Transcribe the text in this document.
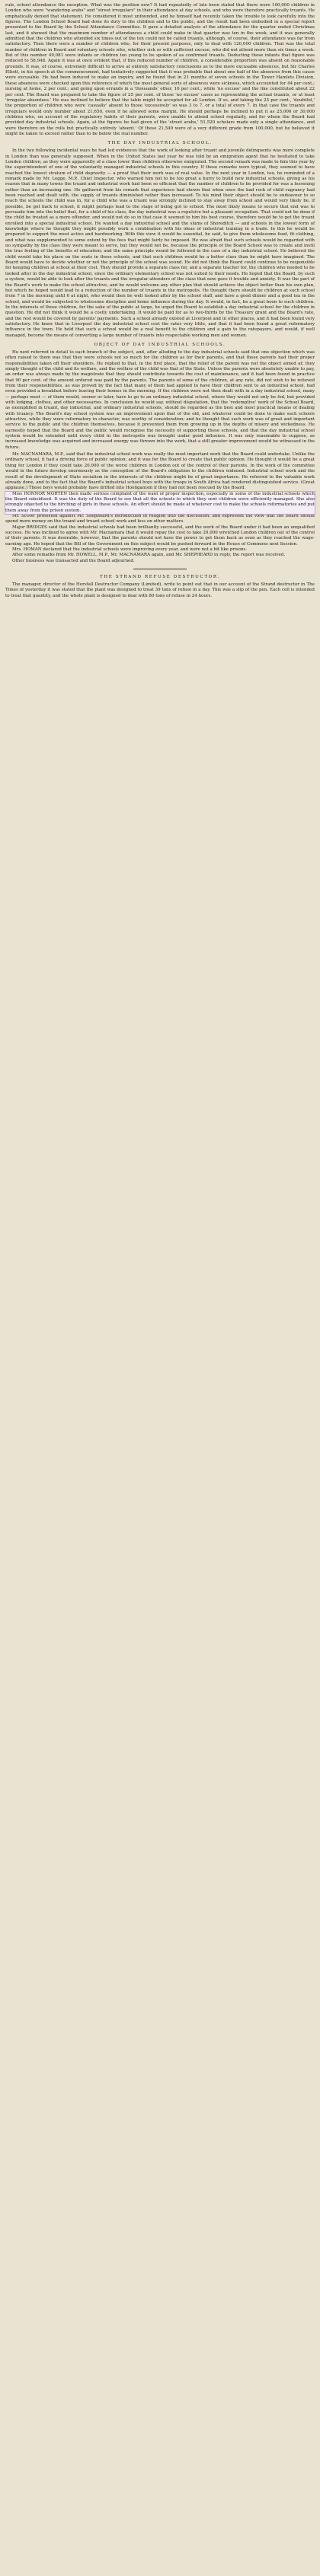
rule, school attendance the exception. What was the position now? It had repeatedly of late been stated that there were 100,000 children in London who were "wandering arabs" and "street irregulars" in their attendance at day schools, and who were therefore practically truants. He emphatically denied that statement. He considered it most unfounded, and he himself had recently taken the trouble to look carefully into the figures. The London School Board had done its duty to the children and to the public, and the result had been embodied in a special report presented to the Board by the School Attendance Committee. It gave a detailed analysis of the attendance for the quarter ended Christmas last, and it showed that the maximum number of attendances a child could make in that quarter was ten in the week, and it was generally admitted that the children who attended six times out of the ten could not be called truants, although, of course, their attendance was far from satisfactory. Then there were a number of children who, for their present purposes, only to deal with 120,000 children. That was the total number of children in Board and voluntary schools who, whether sick or with sufficient excuse, who did not attend more than six times a week. But of this number 49,081 were infants or children too young to be spoken of as confirmed truants. Deducting those infants that figure was reduced to 58,948. Again it was at once evident that, if this reduced number of children, a considerable proportion was absent on reasonable grounds. It was, of course, extremely difficult to arrive at entirely satisfactory conclusions as to the more excusable absences, but Sir Charles Elliott, in his speech at the commencement, had tentatively suggested that it was probable that about one half of the absences from this cause were excusable. He had been induced to make an inquiry, and he found that in 21 months of seven schools in the Tower Hamlets Division, these absences were checked upon this reference of which the most general sorts of absences were sickness, which accounted for 44 per cent.; nursing at home, 2 per cent.; and going upon errands in a 'thousands' other, 16 per cent.; while 'no excuse' and the like constituted about 22 per cent. The Board was prepared to take the figure of 25 per cent. of those 'no excuse' cases as representing the actual truants, or at least 'irregular absentees.' He was inclined to believe that the table might be accepted for all London. If so, and taking the 25 per cent., 'doubtful,' the proportion of children who were 'casually' absent to those 'excessively' so was 3 to 7, or a total of every 7. In that case the truants and irregulars would only number about 21,650, even if he allowed some margin. He should perhaps be inclined to put it as 25,000 or 30,000 children who, on account of the regulatory habits of their parents, were unable to attend school regularly, and for whom the Board had provided day industrial schools. Again, at the figures he had given of the 'street arabs,' 51,520 scholars made only a single attendance, and were therefore on the rolls but practically entirely 'absent.' Of these 21,549 were of a very different grade from 100,000, but he believed it might be taken to exceed rather than to be below the real number.

THE DAY INDUSTRIAL SCHOOL.

In the two following incidental ways he had led evidences that the work of looking after truant and juvenile delinquents was more complete in London than was generally supposed. When in the United States last year he was told by an emigration agent that he hesitated to take London children, as they were apparently of a class lower than children otherwise emigrated. The second remark was made to him this year by the superintendent of one of the voluntarily managed industrial schools in this country. If these remarks were typical, they seemed to have reached the lowest stratum of child depravity — a proof that their work was of real value. In the next year in London, too, he reminded of a remark made by Mr. Legge, M.P., Chief Inspector, who warned him not to be too great a hurry to build new industrial schools, giving as his reason that in many towns the truant and industrial work had been so efficient that the number of children to be provided for was a lessening rather than an increasing one. He gathered from his remark that experience had shown that when once the bad rock of child vagrancy had been reached and dealt with, the supply of truants diminished rather than increased. To his mind their object should be to endeavour to so reach the schools the child was in, for a child who was a truant was strongly inclined to stay away from school and would very likely be, if possible, be got back to school, it might perhaps lead to the stage of being got to school. The most likely means to secure that end was to persuade him into the belief that, for a child of his class, the day industrial was a repulsive but a pleasant occupation. That could not be done if the child be treated as a mere offender, and would not do so in that case it seemed to him his best course, therefore would be to get the truant enrolled into a special industrial school. He wanted a day industrial school and the slums of Shoreditch — and schools in the lowest form of knowledge where he thought they might possibly work a combination with his ideas of industrial training in a trade. In this he would be prepared to support the most active and hardworking. With this view it would be essential, he said, to give them wholesome food, fit clothing, and what was supplemented to some extent by the fees that might fairly be imposed. He was afraid that such schools would be regarded with no sympathy by the class they were meant to serve, but they would not be, because the principle of the Board School was to create and instil the true feeling of the benefits of education; and the same principle would be followed in the case of a day industrial school. He believed the child would take his place on the seats in these schools, and that such children would be a better class than he might have imagined. The Board would have to decide whether or not the principle of the school was sound. He did not think the Board could continue to be responsible for keeping children at school at their cost. They should provide a separate class for, and a separate teacher for, the children who needed to be looked after in the day industrial school, since the ordinary elementary school was not suited to their needs. He hoped that the Board, by such a system, would be able to look after the truants and the irregular attenders of the class that now gave it trouble and anxiety. It was the part of the Board's work to make the school attractive, and he would welcome any other plan that should achieve the object better than his own plan, but which he hoped would lead to a reduction of the number of truants in the metropolis. He thought there should be children at such school from 7 in the morning until 6 at night, who would then be well looked after by the school staff, and have a good dinner and a good tea in the school, and would be subjected to wholesome discipline and home influence during the day. It would, in fact, be a great boon to such children. In the interests of those children, for the sake of the public at large, he urged the Board to establish a day industrial school for the children in question. He did not think it would be a costly undertaking. It would be paid for as to two-thirds by the Treasury grant and the Board's rate, and the rest would be covered by parents' payments. Such a school already existed at Liverpool and in other places, and it had been found very satisfactory. He knew that in Liverpool the day industrial school cost the rates very little, and that it had been found a great reformatory influence in the town. He held that such a school would be a real benefit to the children and a gain to the ratepayers, and would, if well managed, become the means of converting a large number of truants into respectable working men and women.

OBJECT OF DAY INDUSTRIAL SCHOOLS.

He next referred in detail to each branch of the subject, and, after alluding to the day industrial schools said that one objection which was often raised to them was that they were schools not so much for the children as for their parents, and that these parents had their proper responsibilities taken off their shoulders. He replied to that, in the first place, that the relief of the parent was not the object aimed at; they simply thought of the child and its welfare, and the welfare of the child was that of the State. Unless the parents were absolutely unable to pay, an order was always made by the magistrate that they should contribute towards the cost of maintenance, and it had been found in practice that 90 per cent. of the amount ordered was paid by the parents. The parents of some of the children, at any rate, did not wish to be relieved from their responsibilities, as was proved by the fact that many of them had applied to have their children sent to an industrial school, had even provided a breakfast before leaving their homes in the morning. If the children were not then dealt with in a day industrial school, many — perhaps most — of them would, sooner or later, have to go to an ordinary industrial school, where they would not only be fed, but provided with lodging, clothes, and other necessaries. In conclusion he would say, without disputation, that the 'redemptive' work of the School Board, as exemplified in truant, day industrial, and ordinary industrial schools, should be regarded as the best and most practical means of dealing with truancy. The Board's day school system was an improvement upon that of the old, and whatever could be done to make such schools attractive, while they were reformatory in character, was worthy of consideration; and he thought that such work was of great and important service to the public and the children themselves, because it prevented them from growing up in the depths of misery and wickedness. He earnestly hoped that the Board and the public would recognise the necessity of supporting these schools, and that the day industrial school system would be extended until every child in the metropolis was brought under good influence. It was only reasonable to suppose, as increased knowledge was acquired and increased energy was thrown into the work, that a still greater improvement would be witnessed in the future.

Mr. MACNAMARA, M.P., said that the industrial school work was really the most important work that the Board could undertake. Unlike the ordinary school, it had a driving force of public opinion; and it was for the Board to create that public opinion. He thought it would be a great thing for London if they could take 20,000 of the worst children in London out of the control of their parents. In the work of the committee would in the future develop enormously as the conception of the Board's obligation to the children widened. Industrial school work and the result of the development of State socialism in the interests of the children might be of great importance. He referred to the valuable work already done, and to the fact that the Board's industrial school boys with the troops in South Africa had rendered distinguished service. (Great applause.) These boys would probably have drifted into Hooliganism if they had not been rescued by the Board.

Miss HONNOR MORTEN then made serious complaint of the want of proper inspection, especially in some of the industrial schools which the Board subsidised. It was the duty of the Board to see that all the schools to which they sent children were efficiently managed. She also strongly objected to the birching of girls in these schools. An effort should be made at whatever cost to make the schools reformatories and put them away from the prison system.

Mr. SHAW protested against Mr. Shepheard's introduction of religion into the discussion; and expressed the view that the Board should spend more money on the truant and truant school work and less on other matters.

Major BRIDGES said that the industrial schools had been brilliantly successful, and the work of the Board under it had been an unqualified success. He was inclined to agree with Mr. Macnamara that it would repay the cost to take 20,000 wretched London children out of the control of their parents. It was desirable, however, that the parents should not have the power to get them back as soon as they reached the wage-earning age. He hoped that the Bill of the Government on this subject would be pushed forward in the House of Commons next Session.

Mrs. HOMAN declared that the industrial schools were improving every year, and were not a bit like prisons.

After some remarks from Mr. HOWELL, M.P., Mr. MACNAMARA again, and Mr. SHEPHEARD in reply, the report was received.

Other business was transacted and the Board adjourned.

THE STRAND REFUSE DESTRUCTOR.

The manager, director of the Horsfall Destructor Company (Limited), write to point out that in our account of the Strand destructor in The Times of yesterday it was stated that the plant was designed to treat 39 tons of refuse in a day. This was a slip of the pen. Each cell is intended to treat that quantity, and the whole plant is designed to deal with 80 tons of refuse in 24 hours.
